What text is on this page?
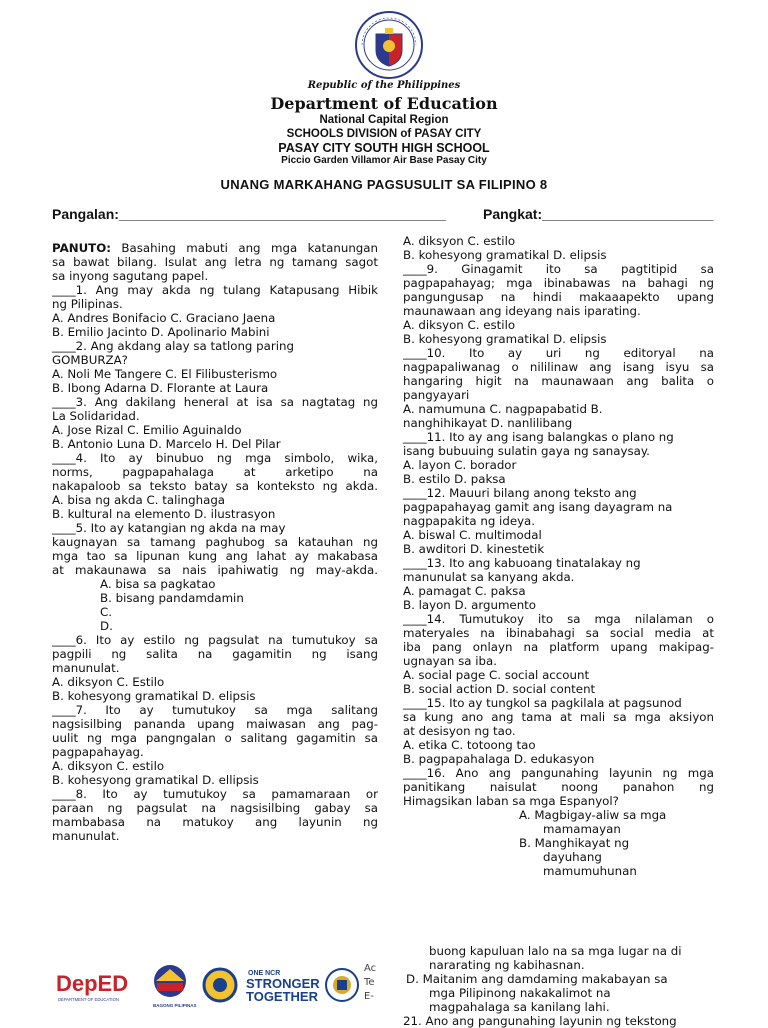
Republic of the Philippines
Department of Education
National Capital Region
SCHOOLS DIVISION of PASAY CITY
PASAY CITY SOUTH HIGH SCHOOL
Piccio Garden Villamor Air Base Pasay City
UNANG MARKAHANG PAGSUSULIT SA FILIPINO 8
Pangalan:__________________________________________	Pangkat:______________________
PANUTO: Basahing mabuti ang mga katanungan
sa bawat bilang. Isulat ang letra ng tamang sagot
sa inyong sagutang papel.
____1. Ang may akda ng tulang Katapusang Hibik
ng Pilipinas.
A. Andres Bonifacio C. Graciano Jaena
B. Emilio Jacinto D. Apolinario Mabini
____2. Ang akdang alay sa tatlong paring
GOMBURZA?
A. Noli Me Tangere C. El Filibusterismo
B. Ibong Adarna D. Florante at Laura
____3. Ang dakilang heneral at isa sa nagtatag ng
La Solidaridad.
A. Jose Rizal C. Emilio Aguinaldo
B. Antonio Luna D. Marcelo H. Del Pilar
____4. Ito ay binubuo ng mga simbolo, wika,
norms, pagpapahalaga at arketipo na
nakapaloob sa teksto batay sa konteksto ng akda.
A. bisa ng akda C. talinghaga
B. kultural na elemento D. ilustrasyon
____5. Ito ay katangian ng akda na may
kaugnayan sa tamang paghubog sa katauhan ng
mga tao sa lipunan kung ang lahat ay makabasa
at makaunawa sa nais ipahiwatig ng may-akda.
A. bisa sa pagkatao
B. bisang pandamdamin
C.
D.
____6. Ito ay estilo ng pagsulat na tumutukoy sa
pagpili ng salita na gagamitin ng isang
manunulat.
A. diksyon C. Estilo
B. kohesyong gramatikal D. elipsis
____7. Ito ay tumutukoy sa mga salitang
nagsisilbing pananda upang maiwasan ang pag-
uulit ng mga pangngalan o salitang gagamitin sa
pagpapahayag.
A. diksyon C. estilo
B. kohesyong gramatikal D. ellipsis
____8. Ito ay tumutukoy sa pamamaraan or
paraan ng pagsulat na nagsisilbing gabay sa
mambabasa na matukoy ang layunin ng
manunulat.
A. diksyon C. estilo
B. kohesyong gramatikal D. elipsis
____9. Ginagamit ito sa pagtitipid sa
pagpapahayag; mga ibinabawas na bahagi ng
pangungusap na hindi makaaapekto upang
maunawaan ang ideyang nais iparating.
A. diksyon C. estilo
B. kohesyong gramatikal D. elipsis
____10. Ito ay uri ng editoryal na
nagpapaliwanag o nililinaw ang isang isyu sa
hangaring higit na maunawaan ang balita o
pangyayari
A. namumuna C. nagpapabatid B.
nanghihikayat D. nanlilibang
____11. Ito ay ang isang balangkas o plano ng
isang bubuuing sulatin gaya ng sanaysay.
A. layon C. borador
B. estilo D. paksa
____12. Mauuri bilang anong teksto ang
pagpapahayag gamit ang isang dayagram na
nagpapakita ng ideya.
A. biswal C. multimodal
B. awditori D. kinestetik
____13. Ito ang kabuoang tinatalakay ng
manunulat sa kanyang akda.
A. pamagat C. paksa
B. layon D. argumento
____14. Tumutukoy ito sa mga nilalaman o
materyales na ibinabahagi sa social media at
iba pang onlayn na platform upang makipag-
ugnayan sa iba.
A. social page C. social account
B. social action D. social content
____15. Ito ay tungkol sa pagkilala at pagsunod
sa kung ano ang tama at mali sa mga aksiyon
at desisyon ng tao.
A. etika C. totoong tao
B. pagpapahalaga D. edukasyon
____16. Ano ang pangunahing layunin ng mga
panitikang naisulat noong panahon ng
Himagsikan laban sa mga Espanyol?
A. Magbigay-aliw sa mga
mamamayan
B. Manghikayat ng
dayuhang
mamumuhunan
buong kapuluan lalo na sa mga lugar na di
nararating ng kabihasnan.
D. Maitanim ang damdaming makabayan sa
mga Pilipinong nakakalimot na
magpahalaga sa kanilang lahi.
21. Ano ang pangunahing layunin ng tekstong
DepED
DEPARTMENT OF EDUCATION
BAGONG PILIPINAS
ONE NCR
STRONGER
TOGETHER
Ac
Te
E-
